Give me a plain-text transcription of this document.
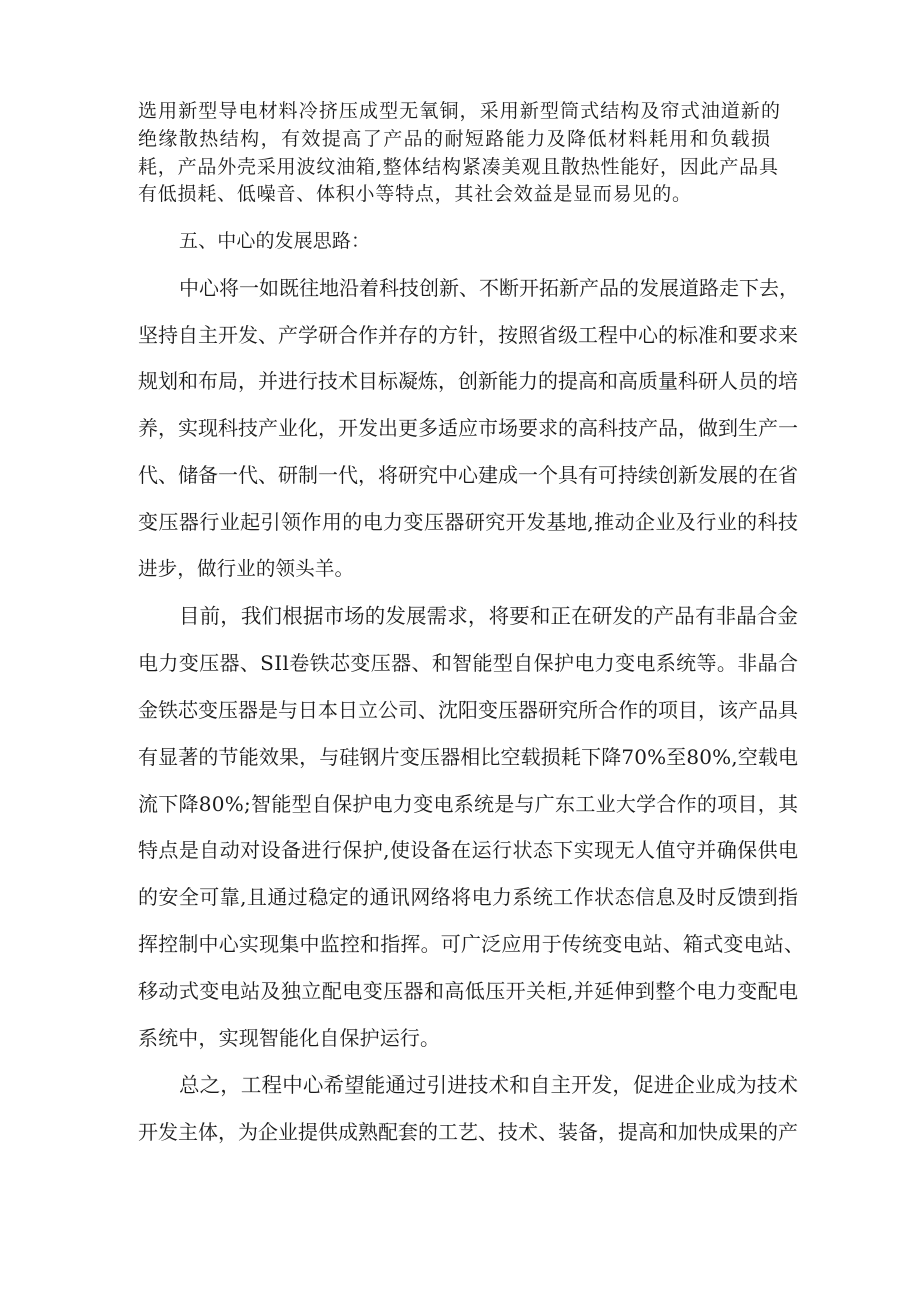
选用新型导电材料冷挤压成型无氧铜，采用新型筒式结构及帘式油道新的

绝缘散热结构，有效提高了产品的耐短路能力及降低材料耗用和负载损

耗，产品外壳采用波纹油箱,整体结构紧凑美观且散热性能好，因此产品具

有低损耗、低噪音、体积小等特点，其社会效益是显而易见的。

五、中心的发展思路：

中心将一如既往地沿着科技创新、不断开拓新产品的发展道路走下去，

坚持自主开发、产学研合作并存的方针，按照省级工程中心的标准和要求来

规划和布局，并进行技术目标凝炼，创新能力的提高和高质量科研人员的培

养，实现科技产业化，开发出更多适应市场要求的高科技产品，做到生产一

代、储备一代、研制一代，将研究中心建成一个具有可持续创新发展的在省

变压器行业起引领作用的电力变压器研究开发基地,推动企业及行业的科技

进步，做行业的领头羊。

目前，我们根据市场的发展需求，将要和正在研发的产品有非晶合金

电力变压器、SIl卷铁芯变压器、和智能型自保护电力变电系统等。非晶合

金铁芯变压器是与日本日立公司、沈阳变压器研究所合作的项目，该产品具

有显著的节能效果，与硅钢片变压器相比空载损耗下降70%至80%,空载电

流下降80%;智能型自保护电力变电系统是与广东工业大学合作的项目，其

特点是自动对设备进行保护,使设备在运行状态下实现无人值守并确保供电

的安全可靠,且通过稳定的通讯网络将电力系统工作状态信息及时反馈到指

挥控制中心实现集中监控和指挥。可广泛应用于传统变电站、箱式变电站、

移动式变电站及独立配电变压器和高低压开关柜,并延伸到整个电力变配电

系统中，实现智能化自保护运行。

总之，工程中心希望能通过引进技术和自主开发，促进企业成为技术

开发主体，为企业提供成熟配套的工艺、技术、装备，提高和加快成果的产
